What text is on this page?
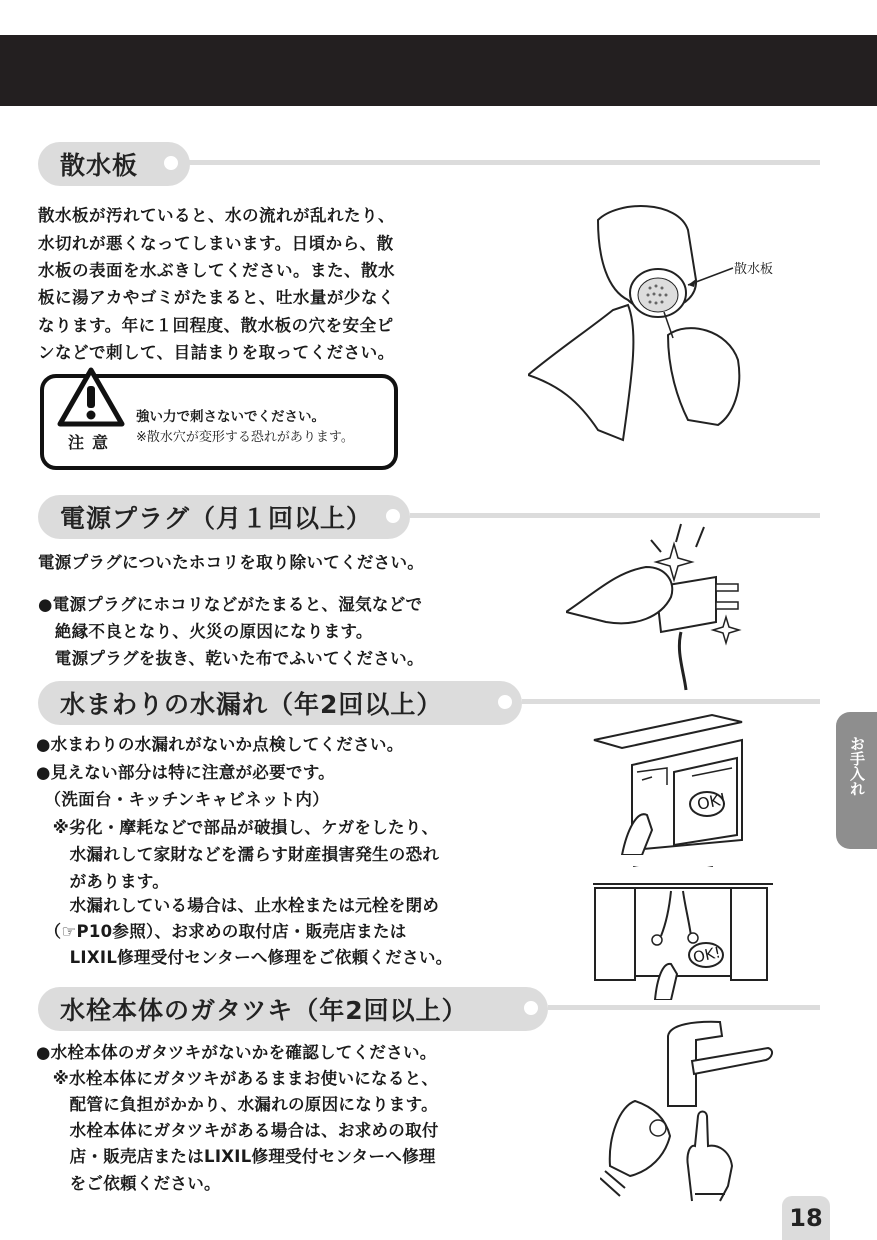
散水板
散水板が汚れていると、水の流れが乱れたり、
水切れが悪くなってしまいます。日頃から、散
水板の表面を水ぶきしてください。また、散水
板に湯アカやゴミがたまると、吐水量が少なく
なります。年に１回程度、散水板の穴を安全ピ
ンなどで刺して、目詰まりを取ってください。
注意
強い力で刺さないでください。
※散水穴が変形する恐れがあります。
散水板
電源プラグ（月１回以上）
電源プラグについたホコリを取り除いてください。
●電源プラグにホコリなどがたまると、湿気などで
　絶縁不良となり、火災の原因になります。
　電源プラグを抜き、乾いた布でふいてください。
水まわりの水漏れ（年2回以上）
●水まわりの水漏れがないか点検してください。
●見えない部分は特に注意が必要です。
　（洗面台・キッチンキャビネット内）
　※劣化・摩耗などで部品が破損し、ケガをしたり、
　　水漏れして家財などを濡らす財産損害発生の恐れ
　　があります。
　　水漏れしている場合は、止水栓または元栓を閉め
　（☞P10参照）、お求めの取付店・販売店または
　　LIXIL修理受付センターへ修理をご依頼ください。
OK!
OK!
水栓本体のガタツキ（年2回以上）
●水栓本体のガタツキがないかを確認してください。
　※水栓本体にガタツキがあるままお使いになると、
　　配管に負担がかかり、水漏れの原因になります。
　　水栓本体にガタツキがある場合は、お求めの取付
　　店・販売店またはLIXIL修理受付センターへ修理
　　をご依頼ください。
お手入れ
18
